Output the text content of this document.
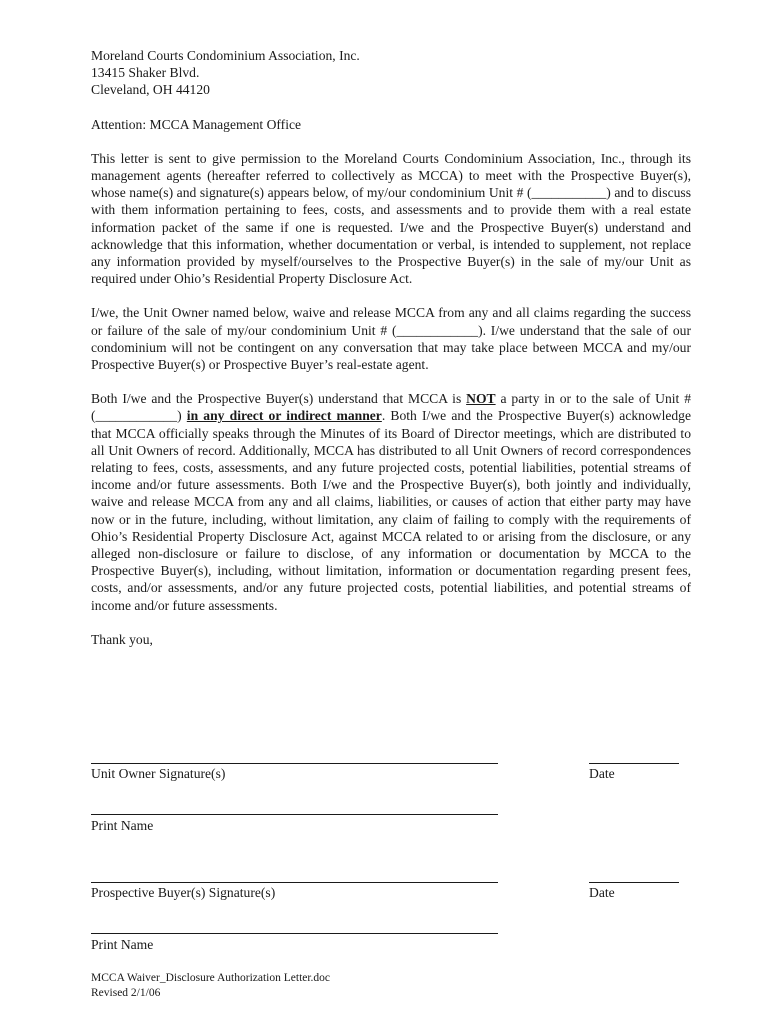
Moreland Courts Condominium Association, Inc.
13415 Shaker Blvd.
Cleveland, OH 44120

Attention: MCCA Management Office

This letter is sent to give permission to the Moreland Courts Condominium Association, Inc., through its management agents (hereafter referred to collectively as MCCA) to meet with the Prospective Buyer(s), whose name(s) and signature(s) appears below, of my/our condominium Unit # (___________) and to discuss with them information pertaining to fees, costs, and assessments and to provide them with a real estate information packet of the same if one is requested. I/we and the Prospective Buyer(s) understand and acknowledge that this information, whether documentation or verbal, is intended to supplement, not replace any information provided by myself/ourselves to the Prospective Buyer(s) in the sale of my/our Unit as required under Ohio’s Residential Property Disclosure Act.

I/we, the Unit Owner named below, waive and release MCCA from any and all claims regarding the success or failure of the sale of my/our condominium Unit # (____________). I/we understand that the sale of our condominium will not be contingent on any conversation that may take place between MCCA and my/our Prospective Buyer(s) or Prospective Buyer’s real-estate agent.

Both I/we and the Prospective Buyer(s) understand that MCCA is NOT a party in or to the sale of Unit # (____________) in any direct or indirect manner. Both I/we and the Prospective Buyer(s) acknowledge that MCCA officially speaks through the Minutes of its Board of Director meetings, which are distributed to all Unit Owners of record. Additionally, MCCA has distributed to all Unit Owners of record correspondences relating to fees, costs, assessments, and any future projected costs, potential liabilities, potential streams of income and/or future assessments. Both I/we and the Prospective Buyer(s), both jointly and individually, waive and release MCCA from any and all claims, liabilities, or causes of action that either party may have now or in the future, including, without limitation, any claim of failing to comply with the requirements of Ohio’s Residential Property Disclosure Act, against MCCA related to or arising from the disclosure, or any alleged non-disclosure or failure to disclose, of any information or documentation by MCCA to the Prospective Buyer(s), including, without limitation, information or documentation regarding present fees, costs, and/or assessments, and/or any future projected costs, potential liabilities, and potential streams of income and/or future assessments.

Thank you,

Unit Owner Signature(s)	Date
Print Name
Prospective Buyer(s) Signature(s)	Date
Print Name
MCCA Waiver_Disclosure Authorization Letter.doc
Revised 2/1/06
